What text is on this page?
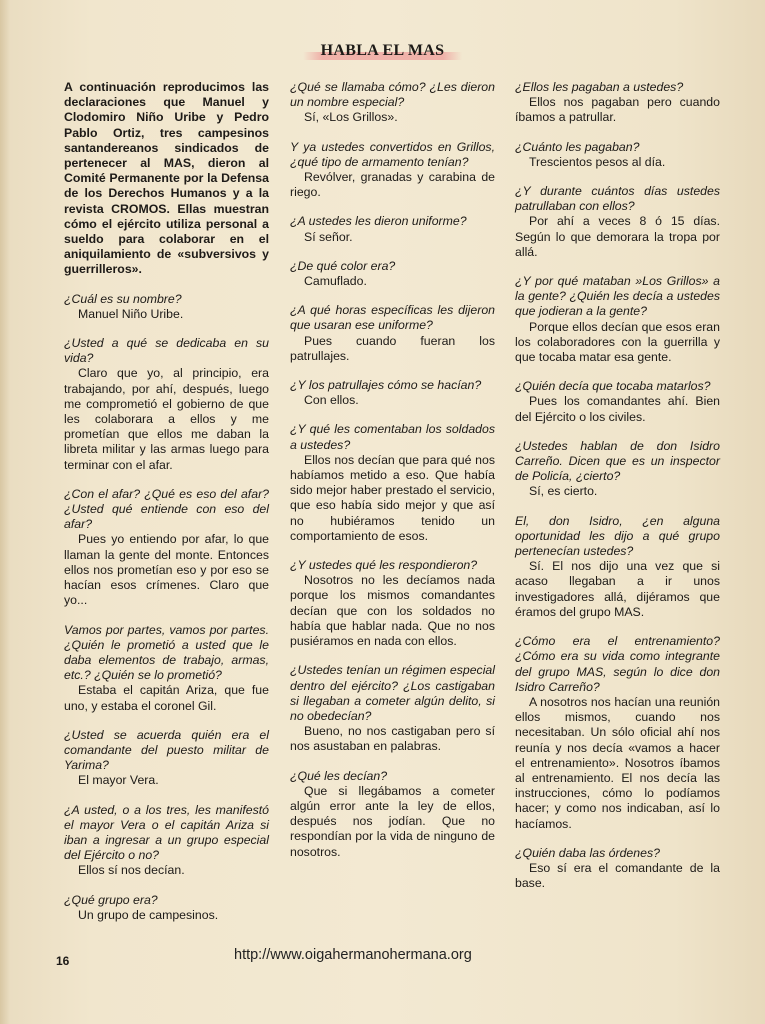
HABLA EL MAS

A continuación reproducimos las declaraciones que Manuel y Clodomiro Niño Uribe y Pedro Pablo Ortiz, tres campesinos santandereanos sindicados de pertenecer al MAS, dieron al Comité Permanente por la Defensa de los Derechos Humanos y a la revista CROMOS. Ellas muestran cómo el ejército utiliza personal a sueldo para colaborar en el aniquilamiento de «subversivos y guerrilleros».

¿Cuál es su nombre?

Manuel Niño Uribe.

¿Usted a qué se dedicaba en su vida?

Claro que yo, al principio, era trabajando, por ahí, después, luego me comprometió el gobierno de que les colaborara a ellos y me prometían que ellos me daban la libreta militar y las armas luego para terminar con el afar.

¿Con el afar? ¿Qué es eso del afar? ¿Usted qué entiende con eso del afar?

Pues yo entiendo por afar, lo que llaman la gente del monte. Entonces ellos nos prometían eso y por eso se hacían esos crímenes. Claro que yo...

Vamos por partes, vamos por partes. ¿Quién le prometió a usted que le daba elementos de trabajo, armas, etc.? ¿Quién se lo prometió?

Estaba el capitán Ariza, que fue uno, y estaba el coronel Gil.

¿Usted se acuerda quién era el comandante del puesto militar de Yarima?

El mayor Vera.

¿A usted, o a los tres, les manifestó el mayor Vera o el capitán Ariza si iban a ingresar a un grupo especial del Ejército o no?

Ellos sí nos decían.

¿Qué grupo era?

Un grupo de campesinos.

¿Qué se llamaba cómo? ¿Les dieron un nombre especial?

Sí, «Los Grillos».

Y ya ustedes convertidos en Grillos, ¿qué tipo de armamento tenían?

Revólver, granadas y carabina de riego.

¿A ustedes les dieron uniforme?

Sí señor.

¿De qué color era?

Camuflado.

¿A qué horas específicas les dijeron que usaran ese uniforme?

Pues cuando fueran los patrullajes.

¿Y los patrullajes cómo se hacían?

Con ellos.

¿Y qué les comentaban los soldados a ustedes?

Ellos nos decían que para qué nos habíamos metido a eso. Que había sido mejor haber prestado el servicio, que eso había sido mejor y que así no hubiéramos tenido un comportamiento de esos.

¿Y ustedes qué les respondieron?

Nosotros no les decíamos nada porque los mismos comandantes decían que con los soldados no había que hablar nada. Que no nos pusiéramos en nada con ellos.

¿Ustedes tenían un régimen especial dentro del ejército? ¿Los castigaban si llegaban a cometer algún delito, si no obedecían?

Bueno, no nos castigaban pero sí nos asustaban en palabras.

¿Qué les decían?

Que si llegábamos a cometer algún error ante la ley de ellos, después nos jodían. Que no respondían por la vida de ninguno de nosotros.

¿Ellos les pagaban a ustedes?

Ellos nos pagaban pero cuando íbamos a patrullar.

¿Cuánto les pagaban?

Trescientos pesos al día.

¿Y durante cuántos días ustedes patrullaban con ellos?

Por ahí a veces 8 ó 15 días. Según lo que demorara la tropa por allá.

¿Y por qué mataban »Los Grillos» a la gente? ¿Quién les decía a ustedes que jodieran a la gente?

Porque ellos decían que esos eran los colaboradores con la guerrilla y que tocaba matar esa gente.

¿Quién decía que tocaba matarlos?

Pues los comandantes ahí. Bien del Ejército o los civiles.

¿Ustedes hablan de don Isidro Carreño. Dicen que es un inspector de Policía, ¿cierto?

Sí, es cierto.

El, don Isidro, ¿en alguna oportunidad les dijo a qué grupo pertenecían ustedes?

Sí. El nos dijo una vez que si acaso llegaban a ir unos investigadores allá, dijéramos que éramos del grupo MAS.

¿Cómo era el entrenamiento? ¿Cómo era su vida como integrante del grupo MAS, según lo dice don Isidro Carreño?

A nosotros nos hacían una reunión ellos mismos, cuando nos necesitaban. Un sólo oficial ahí nos reunía y nos decía «vamos a hacer el entrenamiento». Nosotros íbamos al entrenamiento. El nos decía las instrucciones, cómo lo podíamos hacer; y como nos indicaban, así lo hacíamos.

¿Quién daba las órdenes?

Eso sí era el comandante de la base.

16	http://www.oigahermanohermana.org
